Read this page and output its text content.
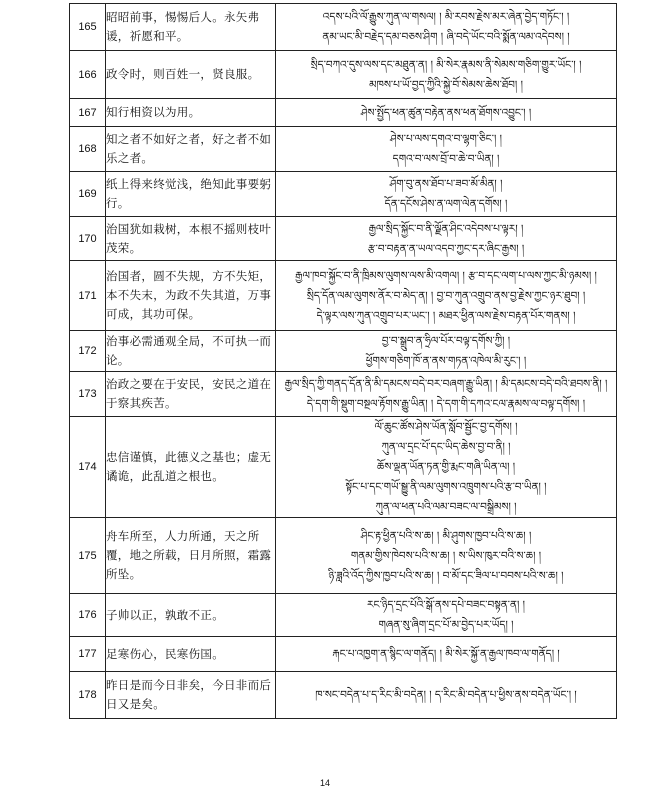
165	昭昭前事，惕惕后人。永矢弗谖，祈愿和平。	འདས་པའི་ལོ་རྒྱུས་ཀུན་ལ་གསལ། ། མི་རབས་རྗེས་མར་ཞེན་བྱེད་གཏོང་། །
ནམ་ཡང་མི་བརྗེད་དམ་བཅས་ཤིག ། ཞི་བདེ་ཡོང་བའི་སྨོན་ལམ་འདེབས། །

166	政令时，则百姓一，贤良服。	སྲིད་བཀའ་དུས་ལས་དང་མཐུན་ན། ། མི་སེར་རྣམས་ནི་སེམས་གཅིག་གྱུར་ཡོང་། །
མཁས་པ་ཡོ་བྱད་ཀྱིའི་སྐྱེ་བོ་སེམས་ཆེས་ཐོབ། །

167	知行相资以为用。	ཤེས་སྤྱོད་ཕན་ཚུན་བརྟེན་ནས་ཕན་ཐོགས་འབྱུང་། །

168	知之者不如好之者，好之者不如乐之者。	ཤེས་པ་ལས་དགའ་བ་ལྷག་ཅིང་། །
དགའ་བ་ལས་བྲོ་བ་ཆེ་བ་ཡིན། །

169	纸上得来终觉浅，绝知此事要躬行。	ཤོག་བུ་ནས་ཐོབ་པ་ཟབ་མོ་མིན། །
དོན་དངོས་ཤེས་ན་ལག་ལེན་དགོས། །

170	治国犹如栽树，本根不摇则枝叶茂荣。	རྒྱལ་སྲིད་སྐྱོང་བ་ནི་ལྗོན་ཤིང་འདེབས་པ་ལྟར། །
རྩ་བ་བརྟན་ན་ཡལ་འདབ་ཀྱང་དར་ཞིང་རྒྱས། །

171	治国者，圆不失规，方不失矩，本不失末，为政不失其道，万事可成，其功可保。	རྒྱལ་ཁབ་སྐྱོང་བ་ནི་ཁྲིམས་ལུགས་ལས་མི་འགལ། ། རྩ་བ་དང་ལག་པ་ལས་ཀྱང་མི་ཉམས། །
སྲིད་དོན་ལམ་ལུགས་ནོར་བ་མེད་ན། ། བྱ་བ་ཀུན་འགྲུབ་ནས་བྱ་རྗེས་ཀྱང་ཉར་ཐུབ། །
དེ་ལྟར་ལས་ཀུན་འགྲུབ་པར་ཡང་། ། མཐར་ཕྱིན་ལས་རྗེས་བརྟན་པོར་གནས། །

172	治事必需通观全局，不可执一而论。	བྱ་བ་སྒྲུབ་ན་ཧྲིལ་པོར་བལྟ་དགོས་ཀྱི། །
ཕྱོགས་གཅིག་ཁོ་ན་ནས་གཏན་འཁེལ་མི་རུང་། །

173	治政之要在于安民，安民之道在于察其疾苦。	རྒྱལ་སྲིད་ཀྱི་གནད་དོན་ནི་མི་དམངས་བདེ་བར་བཞག་རྒྱུ་ཡིན། ། མི་དམངས་བདེ་བའི་ཐབས་ནི། །
དེ་དག་གི་སྡུག་བསྔལ་རྟོགས་རྒྱུ་ཡིན། ། དེ་དག་གི་དཀའ་ངལ་རྣམས་ལ་བལྟ་དགོས། །

174	忠信谨慎，此德义之基也；虚无谲诡，此乱道之根也。	ལོ་ཆུང་ཚོས་ཤེས་ཡོན་སློབ་སྦྱོང་བྱ་དགོས། །
ཀུན་ལ་དྲང་པོ་དང་ཡིད་ཆེས་བྱ་བ་ནི། །
ཆོས་ལྡན་ཡོན་ཏན་གྱི་རྨང་གཞི་ཡིན་ལ། །
སྟོང་པ་དང་གཡོ་སྒྱུ་ནི་ལམ་ལུགས་འཁྲུགས་པའི་རྩ་བ་ཡིན། །
ཀུན་ལ་ཕན་པའི་ལམ་བཟང་ལ་བསྒྲིམས། །

175	舟车所至，人力所通，天之所覆，地之所载，日月所照，霜露所坠。	ཤིང་རྟ་ཕྱིན་པའི་ས་ཆ། ། མི་ཤུགས་ཁྱབ་པའི་ས་ཆ། །
གནམ་གྱིས་ཁེབས་པའི་ས་ཆ། ། ས་ཡིས་ཁུར་བའི་ས་ཆ། །
ཉི་ཟླའི་འོད་ཀྱིས་ཁྱབ་པའི་ས་ཆ། ། བ་མོ་དང་ཟིལ་པ་བབས་པའི་ས་ཆ། །

176	子帅以正，孰敢不正。	རང་ཉིད་དྲང་པོའི་སྒོ་ནས་དཔེ་བཟང་བསྟན་ན། །
གཞན་སུ་ཞིག་དྲང་པོ་མ་བྱེད་པར་ཡོད། །

177	足寒伤心，民寒伤国。	རྐང་པ་འཁྱག་ན་སྙིང་ལ་གནོད། ། མི་སེར་སྐྱོ་ན་རྒྱལ་ཁབ་ལ་གནོད། །

178	昨日是而今日非矣，今日非而后日又是矣。	ཁ་སང་བདེན་པ་ད་རིང་མི་བདེན། ། ད་རིང་མི་བདེན་པ་ཕྱིས་ནས་བདེན་ཡོང་། །
14
